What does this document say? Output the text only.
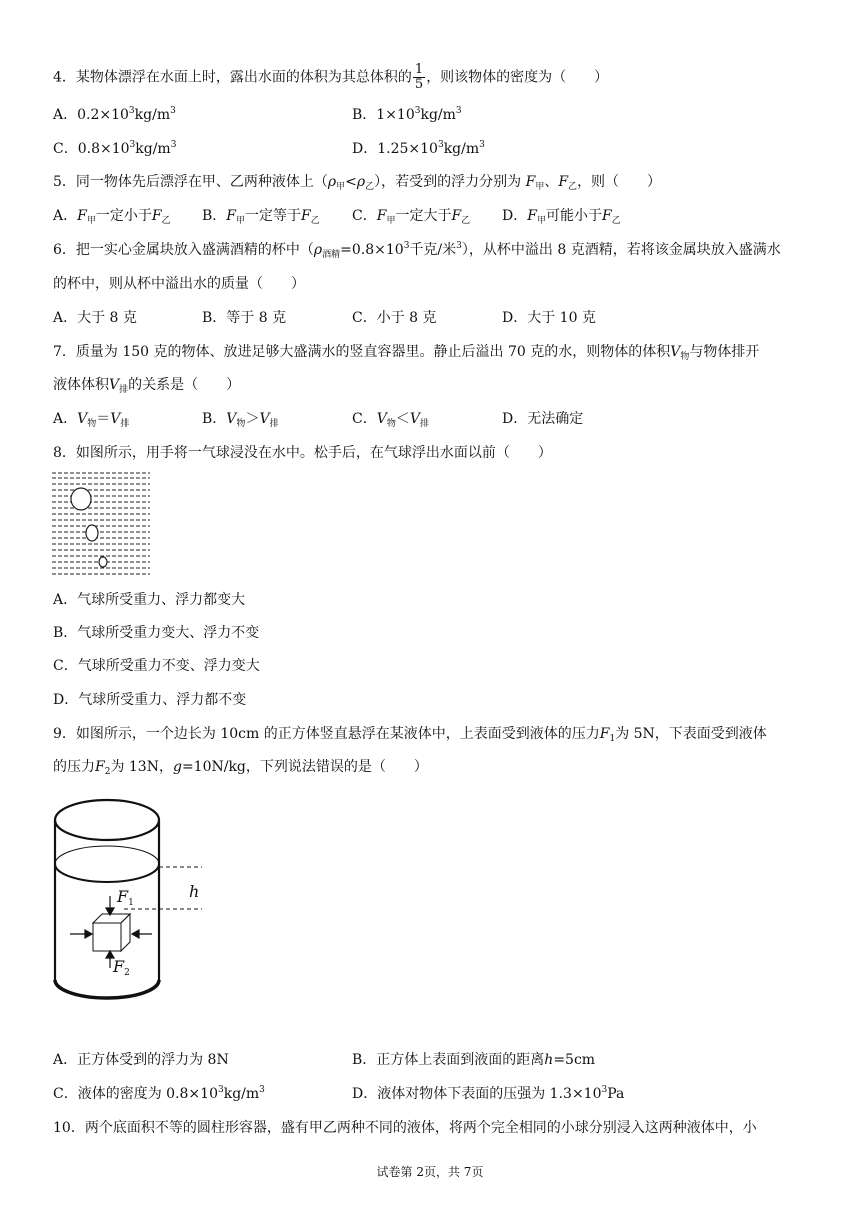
4．某物体漂浮在水面上时，露出水面的体积为其总体积的 $\frac{1}{5}$ ，则该物体的密度为（　　）
A．$0.2\times 10^3kg/m^3$	B．$1\times 10^3kg/m^3$
C．$0.8\times 10^3kg/m^3$	D．$1.25\times 10^3kg/m^3$
5．同一物体先后漂浮在甲、乙两种液体上$(\rho_甲<\rho_乙)$，若受到的浮力分别为 $F_甲$、$F_乙$，则（　　）
A．$F_甲$一定小于$F_乙$ B．$F_甲$一定等于$F_乙$ C．$F_甲$一定大于$F_乙$ D．$F_甲$可能小于$F_乙$
6．把一实心金属块放入盛满酒精的杯中（$\rho_{酒精}=0.8\times 10^3$千克/米$^3$），从杯中溢出 8 克酒精，若将该金属块放入盛满水
的杯中，则从杯中溢出水的质量（　　）
A．大于 8 克	B．等于 8 克	C．小于 8 克	D．大于 10 克
7．质量为 150 克的物体、放进足够大盛满水的竖直容器里。静止后溢出 70 克的水，则物体的体积$V_物$与物体排开
液体体积$V_排$的关系是（　　）
A．$V_物=V_排$	B．$V_物>V_排$	C．$V_物<V_排$	D．无法确定
8．如图所示，用手将一气球浸没在水中。松手后，在气球浮出水面以前（　　）
A．气球所受重力、浮力都变大
B．气球所受重力变大、浮力不变
C．气球所受重力不变、浮力变大
D．气球所受重力、浮力都不变
9．如图所示，一个边长为 10cm 的正方体竖直悬浮在某液体中，上表面受到液体的压力$F_1$为 5N，下表面受到液体
的压力$F_2$为 13N，g=10N/kg，下列说法错误的是（　　）
h
$F_1$
$F_2$
A．正方体受到的浮力为 8N	B．正方体上表面到液面的距离h=5cm
C．液体的密度为 $0.8\times 10^3kg/m^3$	D．液体对物体下表面的压强为 $1.3\times 10^3Pa$
10．两个底面积不等的圆柱形容器，盛有甲乙两种不同的液体，将两个完全相同的小球分别浸入这两种液体中，小
试卷第 2页，共 7页
